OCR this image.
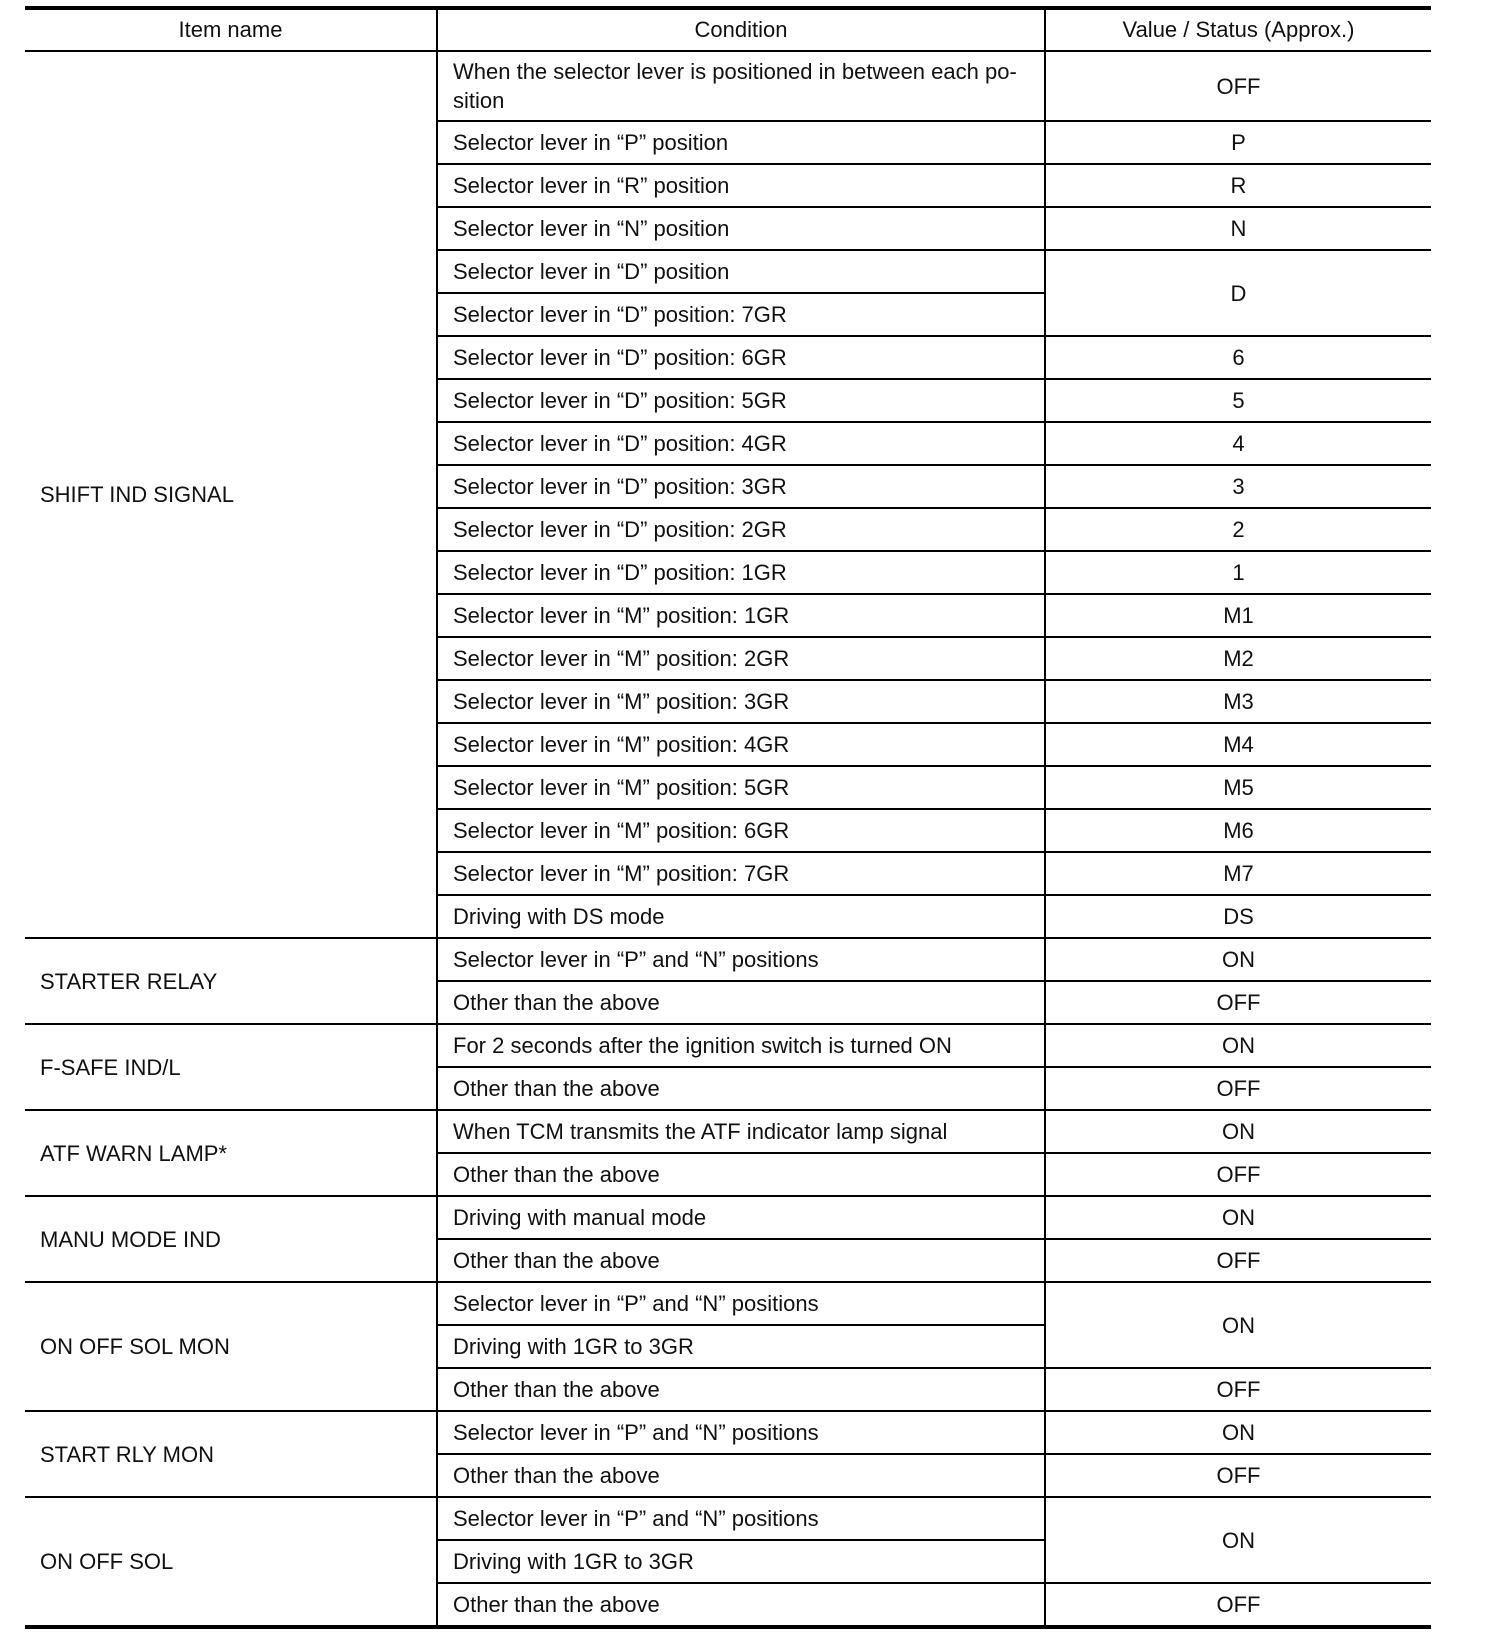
Item name	Condition	Value / Status (Approx.)
SHIFT IND SIGNAL	When the selector lever is positioned in between each po-sition	OFF
	Selector lever in “P” position	P
	Selector lever in “R” position	R
	Selector lever in “N” position	N
	Selector lever in “D” position	D
	Selector lever in “D” position: 7GR	
	Selector lever in “D” position: 6GR	6
	Selector lever in “D” position: 5GR	5
	Selector lever in “D” position: 4GR	4
	Selector lever in “D” position: 3GR	3
	Selector lever in “D” position: 2GR	2
	Selector lever in “D” position: 1GR	1
	Selector lever in “M” position: 1GR	M1
	Selector lever in “M” position: 2GR	M2
	Selector lever in “M” position: 3GR	M3
	Selector lever in “M” position: 4GR	M4
	Selector lever in “M” position: 5GR	M5
	Selector lever in “M” position: 6GR	M6
	Selector lever in “M” position: 7GR	M7
	Driving with DS mode	DS
STARTER RELAY	Selector lever in “P” and “N” positions	ON
	Other than the above	OFF
F-SAFE IND/L	For 2 seconds after the ignition switch is turned ON	ON
	Other than the above	OFF
ATF WARN LAMP*	When TCM transmits the ATF indicator lamp signal	ON
	Other than the above	OFF
MANU MODE IND	Driving with manual mode	ON
	Other than the above	OFF
ON OFF SOL MON	Selector lever in “P” and “N” positions	ON
	Driving with 1GR to 3GR	
	Other than the above	OFF
START RLY MON	Selector lever in “P” and “N” positions	ON
	Other than the above	OFF
ON OFF SOL	Selector lever in “P” and “N” positions	ON
	Driving with 1GR to 3GR	
	Other than the above	OFF
